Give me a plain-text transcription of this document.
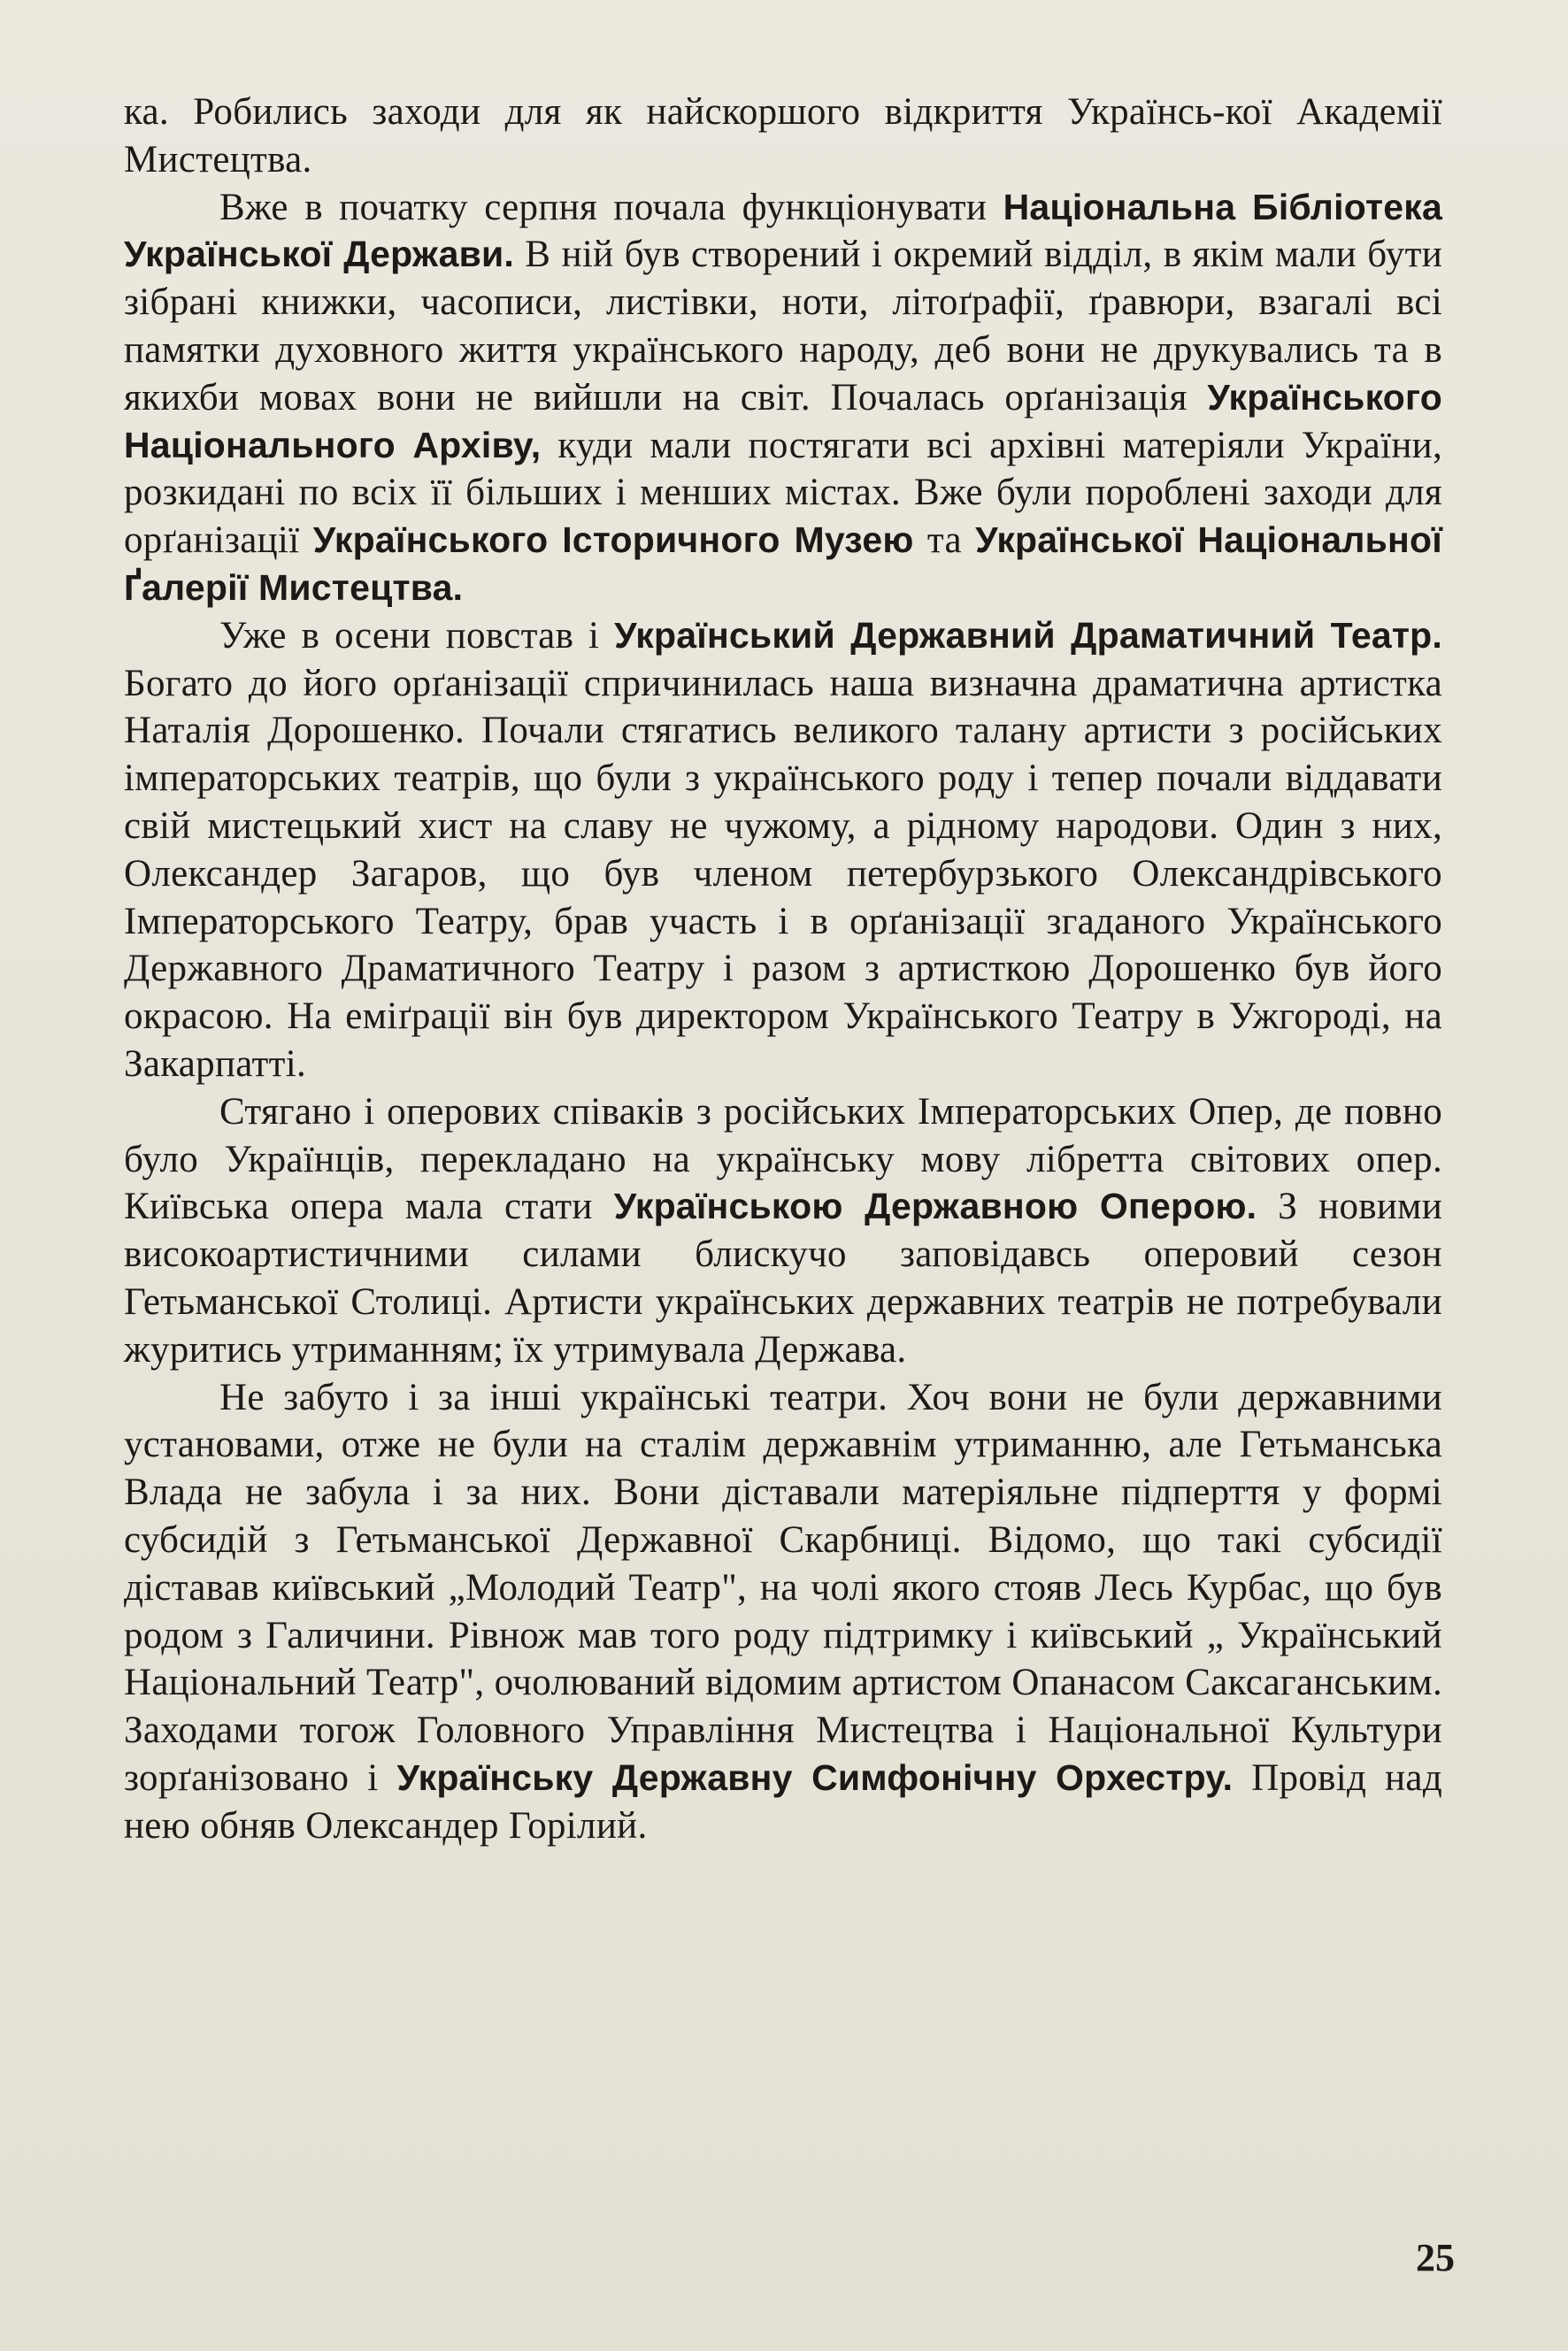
ка. Робились заходи для як найскоршого відкриття Українсь-кої Академії Мистецтва.

Вже в початку серпня почала функціонувати Національна Бібліотека Української Держави. В ній був створений і окремий відділ, в якім мали бути зібрані книжки, часописи, листівки, ноти, літоґрафії, ґравюри, взагалі всі памятки духовного життя українського народу, деб вони не друкувались та в якихби мовах вони не вийшли на світ. Почалась орґанізація Українського Національного Архіву, куди мали постягати всі архівні матеріяли України, розкидані по всіх її більших і менших містах. Вже були пороблені заходи для орґанізації Українського Історичного Музею та Української Національної Ґалерії Мистецтва.

Уже в осени повстав і Український Державний Драматичний Театр. Богато до його орґанізації спричинилась наша визначна драматична артистка Наталія Дорошенко. Почали стягатись великого талану артисти з російських імператорських театрів, що були з українського роду і тепер почали віддавати свій мистецький хист на славу не чужому, а рідному народови. Один з них, Олександер Загаров, що був членом петербурзького Олександрівського Імператорського Театру, брав участь і в орґанізації згаданого Українського Державного Драматичного Театру і разом з артисткою Дорошенко був його окрасою. На еміґрації він був директором Українського Театру в Ужгороді, на Закарпатті.

Стягано і оперових співаків з російських Імператорських Опер, де повно було Українців, перекладано на українську мову лібретта світових опер. Київська опера мала стати Українською Державною Оперою. З новими високоартистичними силами блискучо заповідавсь оперовий сезон Гетьманської Столиці. Артисти українських державних театрів не потребували журитись утриманням; їх утримувала Держава.

Не забуто і за інші українські театри. Хоч вони не були державними установами, отже не були на сталім державнім утриманню, але Гетьманська Влада не забула і за них. Вони діставали матеріяльне підперття у формі субсидій з Гетьманської Державної Скарбниці. Відомо, що такі субсидії діставав київський „Молодий Театр", на чолі якого стояв Лесь Курбас, що був родом з Галичини. Рівнож мав того роду підтримку і київський „ Український Національний Театр", очолюваний відомим артистом Опанасом Саксаганським. Заходами тогож Головного Управління Мистецтва і Національної Культури зорґанізовано і Українську Державну Симфонічну Орхестру. Провід над нею обняв Олександер Горілий.

25
